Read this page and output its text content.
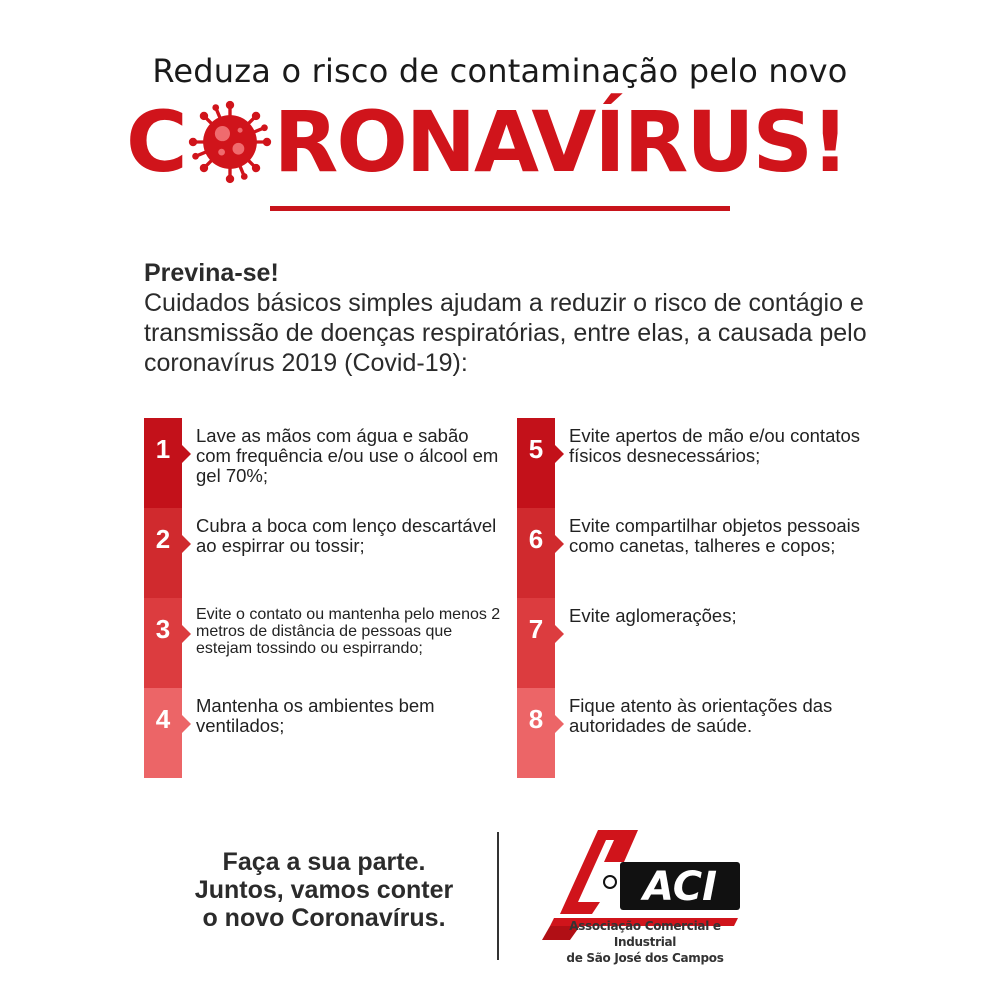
Reduza o risco de contaminação pelo novo
C RONAVÍRUS!
Previna-se!
Cuidados básicos simples ajudam a reduzir o risco de contágio e transmissão de doenças respiratórias, entre elas, a causada pelo coronavírus 2019 (Covid-19):
1	Lave as mãos com água e sabão com frequência e/ou use o álcool em gel 70%;
2	Cubra a boca com lenço descartável ao espirrar ou tossir;
3	Evite o contato ou mantenha pelo menos 2 metros de distância de pessoas que estejam tossindo ou espirrando;
4	Mantenha os ambientes bem ventilados;
5	Evite apertos de mão e/ou contatos físicos desnecessários;
6	Evite compartilhar objetos pessoais como canetas, talheres e copos;
7	Evite aglomerações;
8	Fique atento às orientações das autoridades de saúde.
Faça a sua parte.
Juntos, vamos conter
o novo Coronavírus.
ACI
Associação Comercial e Industrial
de São José dos Campos
